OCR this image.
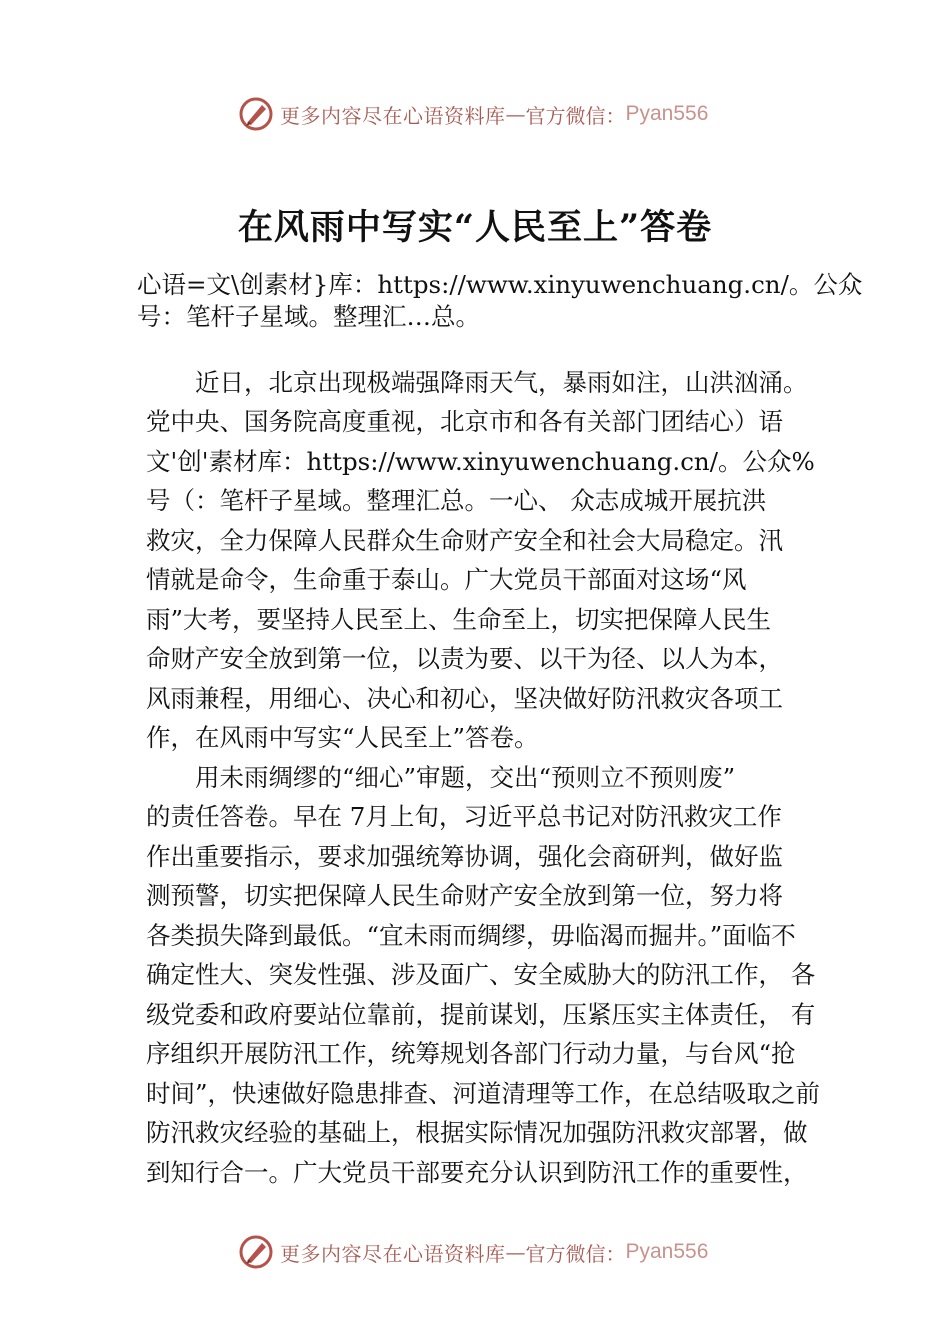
更多内容尽在心语资料库 — 官方微信： Pyan556
在风雨中写实“人民至上”答卷
心语=文\创素材}库：https://www.xinyuwenchuang.cn/。公众
号：笔杆子星域。整理汇…总。
近日，北京出现极端强降雨天气，暴雨如注，山洪汹涌。
党中央、国务院高度重视，北京市和各有关部门团结心）语
文'创'素材库：https://www.xinyuwenchuang.cn/。公众%
号（：笔杆子星域。整理汇总。一心、 众志成城开展抗洪
救灾，全力保障人民群众生命财产安全和社会大局稳定。汛
情就是命令，生命重于泰山。广大党员干部面对这场“风
雨”大考，要坚持人民至上、生命至上，切实把保障人民生
命财产安全放到第一位，以责为要、以干为径、以人为本，
风雨兼程，用细心、决心和初心，坚决做好防汛救灾各项工
作，在风雨中写实“人民至上”答卷。
用未雨绸缪的“细心”审题，交出“预则立不预则废”
的责任答卷。早在 7月上旬，习近平总书记对防汛救灾工作
作出重要指示，要求加强统筹协调，强化会商研判，做好监
测预警，切实把保障人民生命财产安全放到第一位，努力将
各类损失降到最低。“宜未雨而绸缪，毋临渴而掘井。”面临不
确定性大、突发性强、涉及面广、安全威胁大的防汛工作， 各
级党委和政府要站位靠前，提前谋划，压紧压实主体责任， 有
序组织开展防汛工作，统筹规划各部门行动力量，与台风“抢
时间”，快速做好隐患排查、河道清理等工作，在总结吸取之前
防汛救灾经验的基础上，根据实际情况加强防汛救灾部署，做
到知行合一。广大党员干部要充分认识到防汛工作的重要性，
更多内容尽在心语资料库 — 官方微信： Pyan556
